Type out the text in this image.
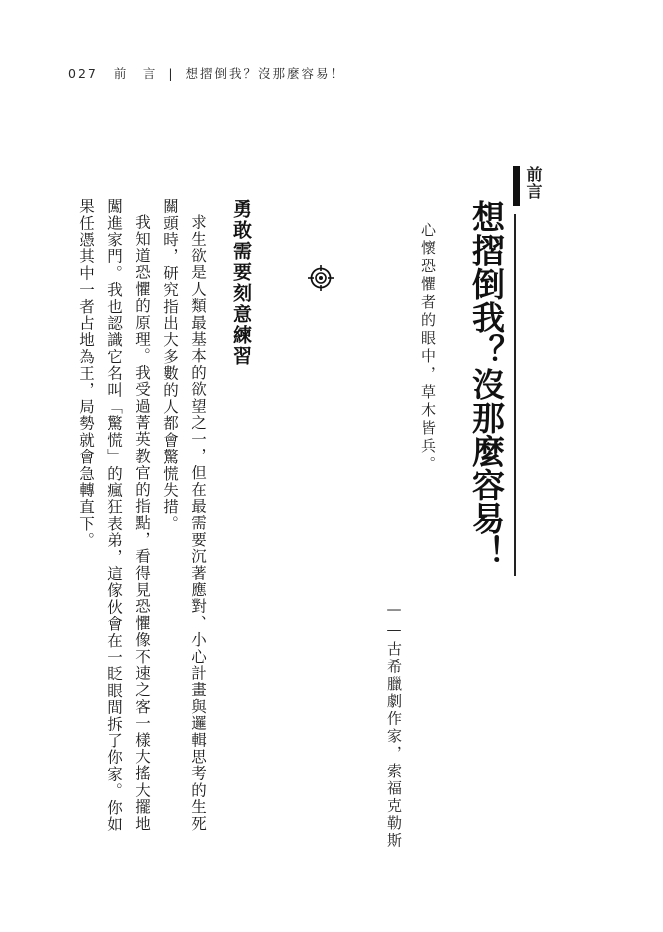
027 前　言 | 想摺倒我？沒那麼容易！
前言
想摺倒我？沒那麼容易！
心懷恐懼者的眼中，草木皆兵。
——古希臘劇作家，索福克勒斯
勇敢需要刻意練習

求生欲是人類最基本的欲望之一，但在最需要沉著應對、小心計畫與邏輯思考的生死關頭時，研究指出大多數的人都會驚慌失措。

我知道恐懼的原理。我受過菁英教官的指點，看得見恐懼像不速之客一樣大搖大擺地闖進家門。我也認識它名叫「驚慌」的瘋狂表弟，這傢伙會在一眨眼間拆了你家。你如果任憑其中一者占地為王，局勢就會急轉直下。
